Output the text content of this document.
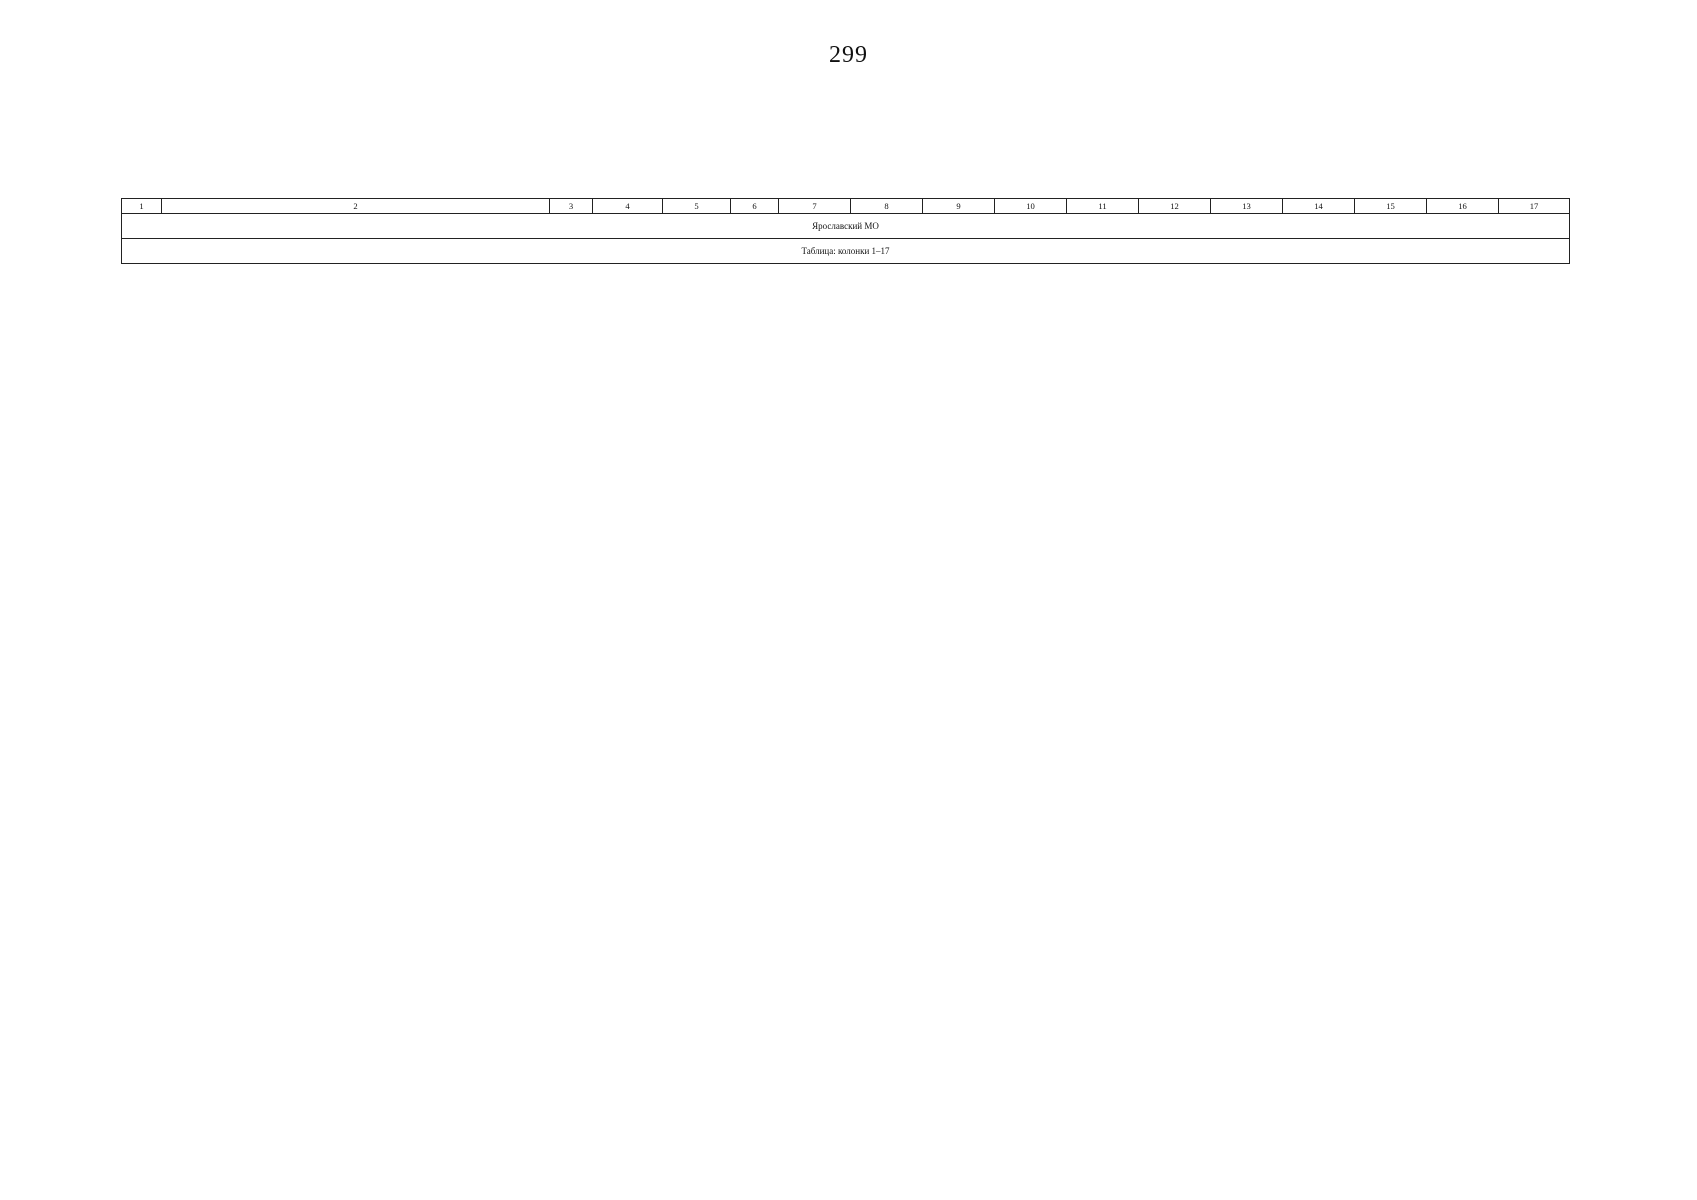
299
1	2	3	4	5	6	7	8	9	10	11	12	13	14	15	16	17
Ярославский МО
Таблица: колонки 1–17
